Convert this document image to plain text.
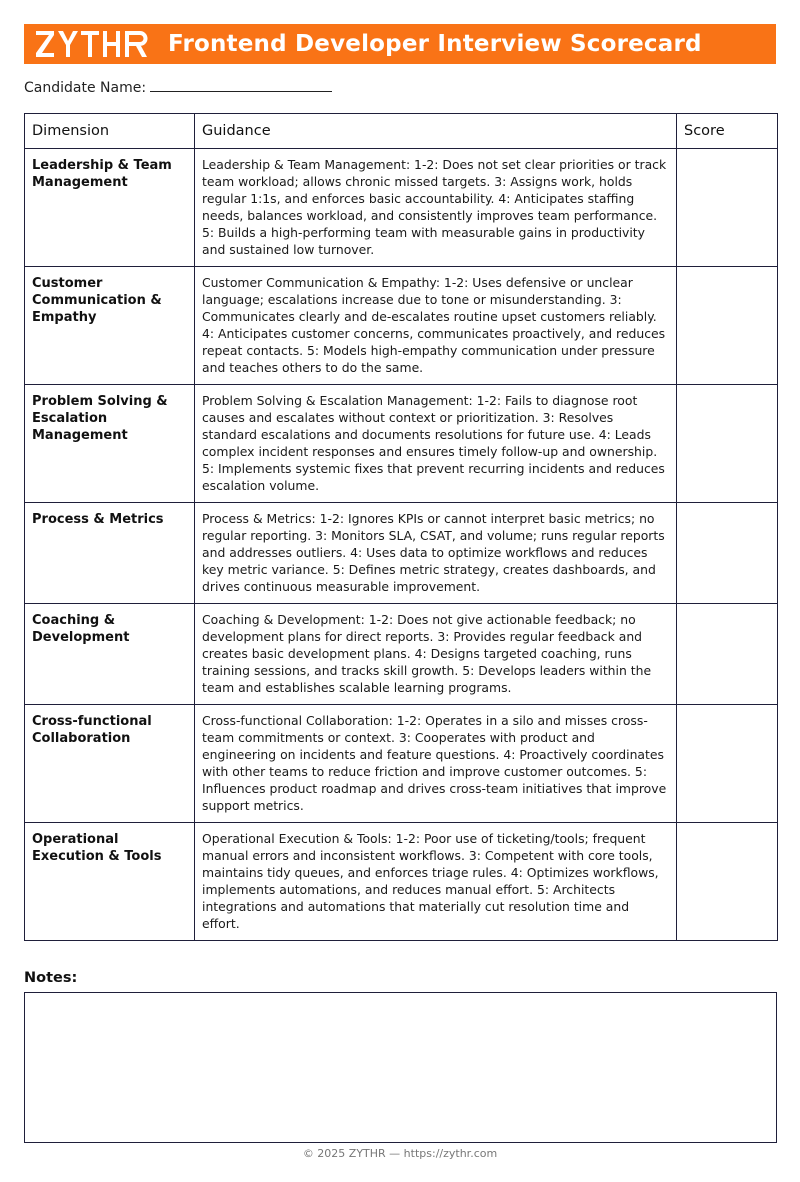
Frontend Developer Interview Scorecard
Candidate Name:
Dimension	Guidance	Score
Leadership & Team Management	Leadership & Team Management: 1-2: Does not set clear priorities or track team workload; allows chronic missed targets. 3: Assigns work, holds regular 1:1s, and enforces basic accountability. 4: Anticipates staffing needs, balances workload, and consistently improves team performance. 5: Builds a high-performing team with measurable gains in productivity and sustained low turnover.	
Customer Communication & Empathy	Customer Communication & Empathy: 1-2: Uses defensive or unclear language; escalations increase due to tone or misunderstanding. 3: Communicates clearly and de-escalates routine upset customers reliably. 4: Anticipates customer concerns, communicates proactively, and reduces repeat contacts. 5: Models high-empathy communication under pressure and teaches others to do the same.	
Problem Solving & Escalation Management	Problem Solving & Escalation Management: 1-2: Fails to diagnose root causes and escalates without context or prioritization. 3: Resolves standard escalations and documents resolutions for future use. 4: Leads complex incident responses and ensures timely follow-up and ownership. 5: Implements systemic fixes that prevent recurring incidents and reduces escalation volume.	
Process & Metrics	Process & Metrics: 1-2: Ignores KPIs or cannot interpret basic metrics; no regular reporting. 3: Monitors SLA, CSAT, and volume; runs regular reports and addresses outliers. 4: Uses data to optimize workflows and reduces key metric variance. 5: Defines metric strategy, creates dashboards, and drives continuous measurable improvement.	
Coaching & Development	Coaching & Development: 1-2: Does not give actionable feedback; no development plans for direct reports. 3: Provides regular feedback and creates basic development plans. 4: Designs targeted coaching, runs training sessions, and tracks skill growth. 5: Develops leaders within the team and establishes scalable learning programs.	
Cross-functional Collaboration	Cross-functional Collaboration: 1-2: Operates in a silo and misses cross-team commitments or context. 3: Cooperates with product and engineering on incidents and feature questions. 4: Proactively coordinates with other teams to reduce friction and improve customer outcomes. 5: Influences product roadmap and drives cross-team initiatives that improve support metrics.	
Operational Execution & Tools	Operational Execution & Tools: 1-2: Poor use of ticketing/tools; frequent manual errors and inconsistent workflows. 3: Competent with core tools, maintains tidy queues, and enforces triage rules. 4: Optimizes workflows, implements automations, and reduces manual effort. 5: Architects integrations and automations that materially cut resolution time and effort.	
Notes:
© 2025 ZYTHR — https://zythr.com
